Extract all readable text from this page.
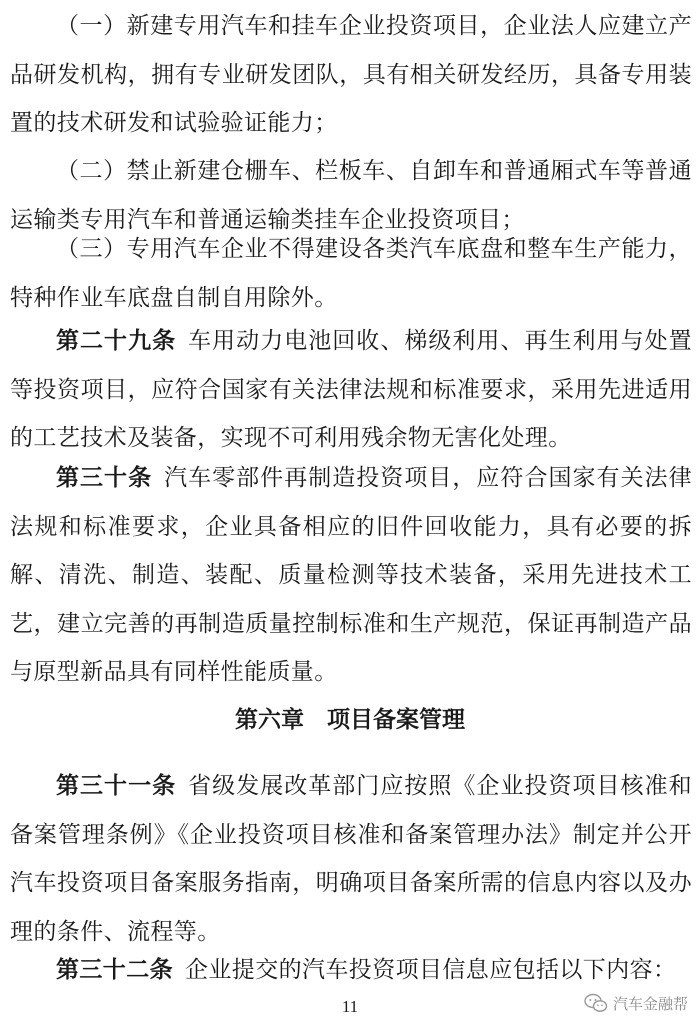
（一）新建专用汽车和挂车企业投资项目，企业法人应建立产品研发机构，拥有专业研发团队，具有相关研发经历，具备专用装置的技术研发和试验验证能力；

（二）禁止新建仓栅车、栏板车、自卸车和普通厢式车等普通运输类专用汽车和普通运输类挂车企业投资项目；

（三）专用汽车企业不得建设各类汽车底盘和整车生产能力，特种作业车底盘自制自用除外。

第二十九条 车用动力电池回收、梯级利用、再生利用与处置等投资项目，应符合国家有关法律法规和标准要求，采用先进适用的工艺技术及装备，实现不可利用残余物无害化处理。

第三十条 汽车零部件再制造投资项目，应符合国家有关法律法规和标准要求，企业具备相应的旧件回收能力，具有必要的拆解、清洗、制造、装配、质量检测等技术装备，采用先进技术工艺，建立完善的再制造质量控制标准和生产规范，保证再制造产品与原型新品具有同样性能质量。

第六章　项目备案管理

第三十一条 省级发展改革部门应按照《企业投资项目核准和备案管理条例》《企业投资项目核准和备案管理办法》制定并公开汽车投资项目备案服务指南，明确项目备案所需的信息内容以及办理的条件、流程等。

第三十二条 企业提交的汽车投资项目信息应包括以下内容：

11	汽车金融帮
